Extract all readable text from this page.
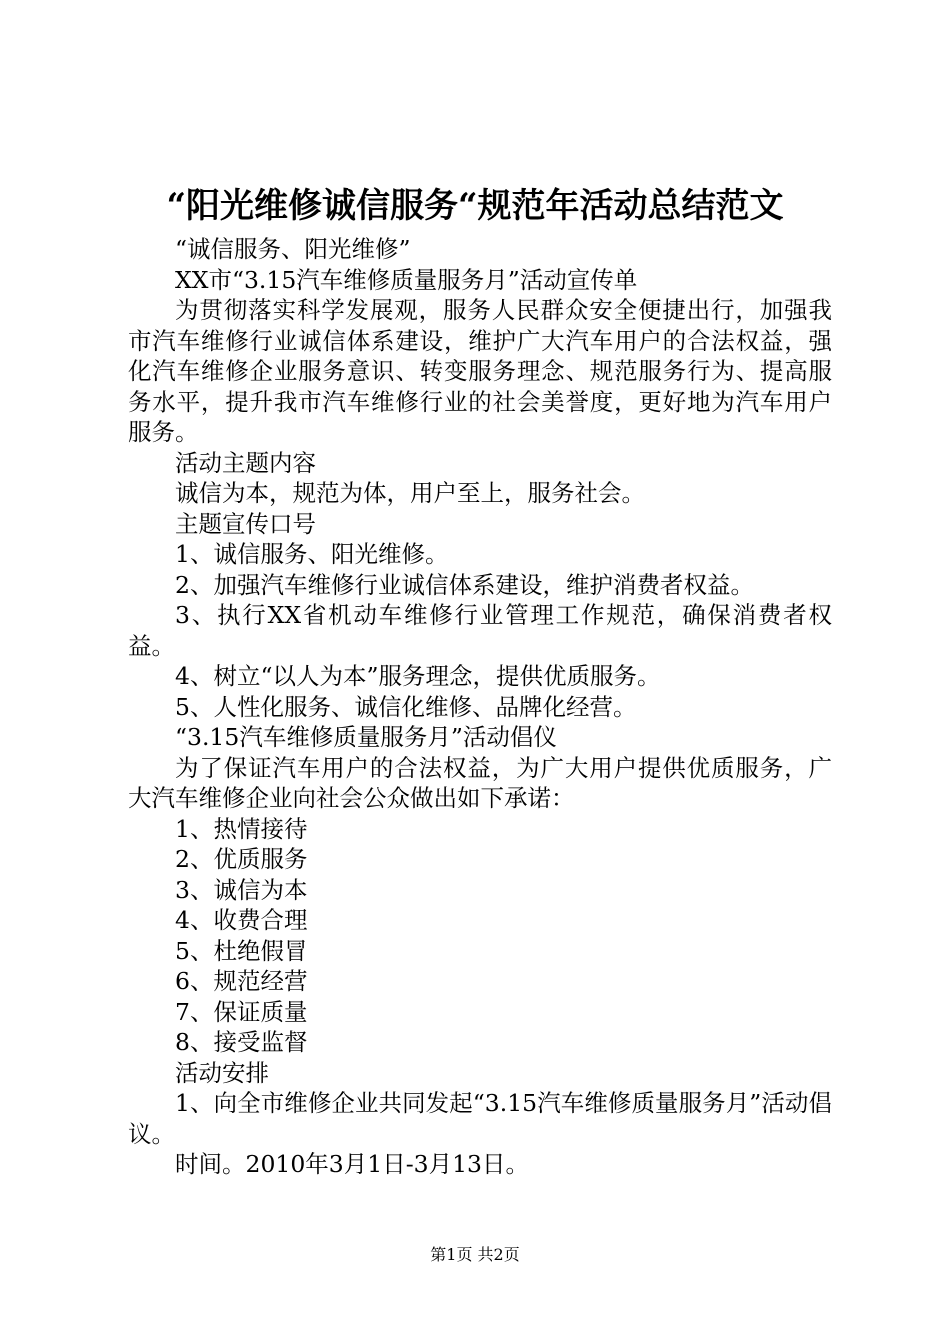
“阳光维修诚信服务“规范年活动总结范文

“诚信服务、阳光维修”

XX市“3.15汽车维修质量服务月”活动宣传单

为贯彻落实科学发展观，服务人民群众安全便捷出行，加强我市汽车维修行业诚信体系建设，维护广大汽车用户的合法权益，强化汽车维修企业服务意识、转变服务理念、规范服务行为、提高服务水平，提升我市汽车维修行业的社会美誉度，更好地为汽车用户服务。

活动主题内容

诚信为本，规范为体，用户至上，服务社会。

主题宣传口号

1、诚信服务、阳光维修。

2、加强汽车维修行业诚信体系建设，维护消费者权益。

3、执行XX省机动车维修行业管理工作规范，确保消费者权益。

4、树立“以人为本”服务理念，提供优质服务。

5、人性化服务、诚信化维修、品牌化经营。

“3.15汽车维修质量服务月”活动倡仪

为了保证汽车用户的合法权益，为广大用户提供优质服务，广大汽车维修企业向社会公众做出如下承诺：

1、热情接待

2、优质服务

3、诚信为本

4、收费合理

5、杜绝假冒

6、规范经营

7、保证质量

8、接受监督

活动安排

1、向全市维修企业共同发起“3.15汽车维修质量服务月”活动倡议。

时间。2010年3月1日-3月13日。

第1页 共2页
